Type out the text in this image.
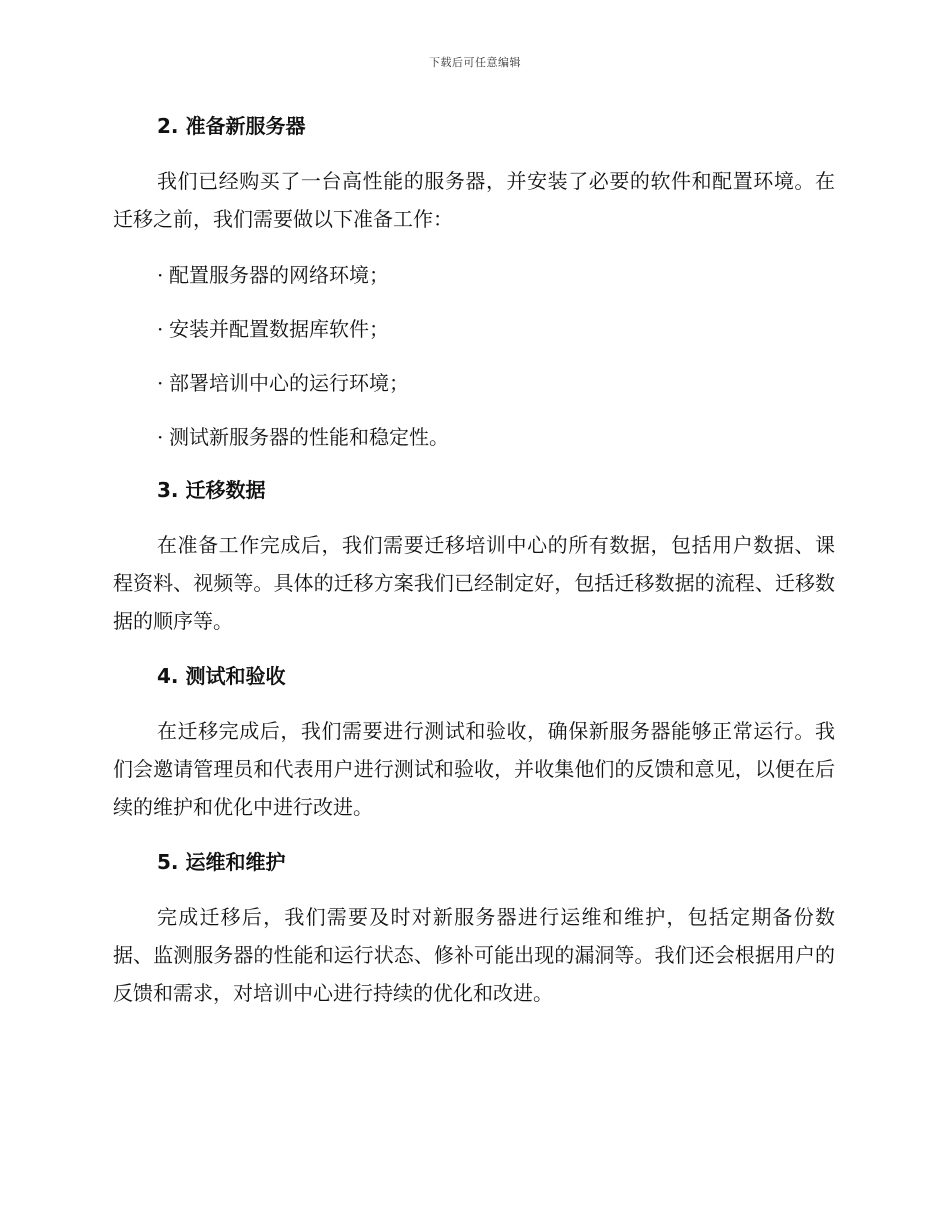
下载后可任意编辑
2. 准备新服务器

我们已经购买了一台高性能的服务器，并安装了必要的软件和配置环境。在迁移之前，我们需要做以下准备工作：

· 配置服务器的网络环境；
· 安装并配置数据库软件；
· 部署培训中心的运行环境；
· 测试新服务器的性能和稳定性。
3. 迁移数据

在准备工作完成后，我们需要迁移培训中心的所有数据，包括用户数据、课程资料、视频等。具体的迁移方案我们已经制定好，包括迁移数据的流程、迁移数据的顺序等。

4. 测试和验收

在迁移完成后，我们需要进行测试和验收，确保新服务器能够正常运行。我们会邀请管理员和代表用户进行测试和验收，并收集他们的反馈和意见，以便在后续的维护和优化中进行改进。

5. 运维和维护

完成迁移后，我们需要及时对新服务器进行运维和维护，包括定期备份数据、监测服务器的性能和运行状态、修补可能出现的漏洞等。我们还会根据用户的反馈和需求，对培训中心进行持续的优化和改进。
